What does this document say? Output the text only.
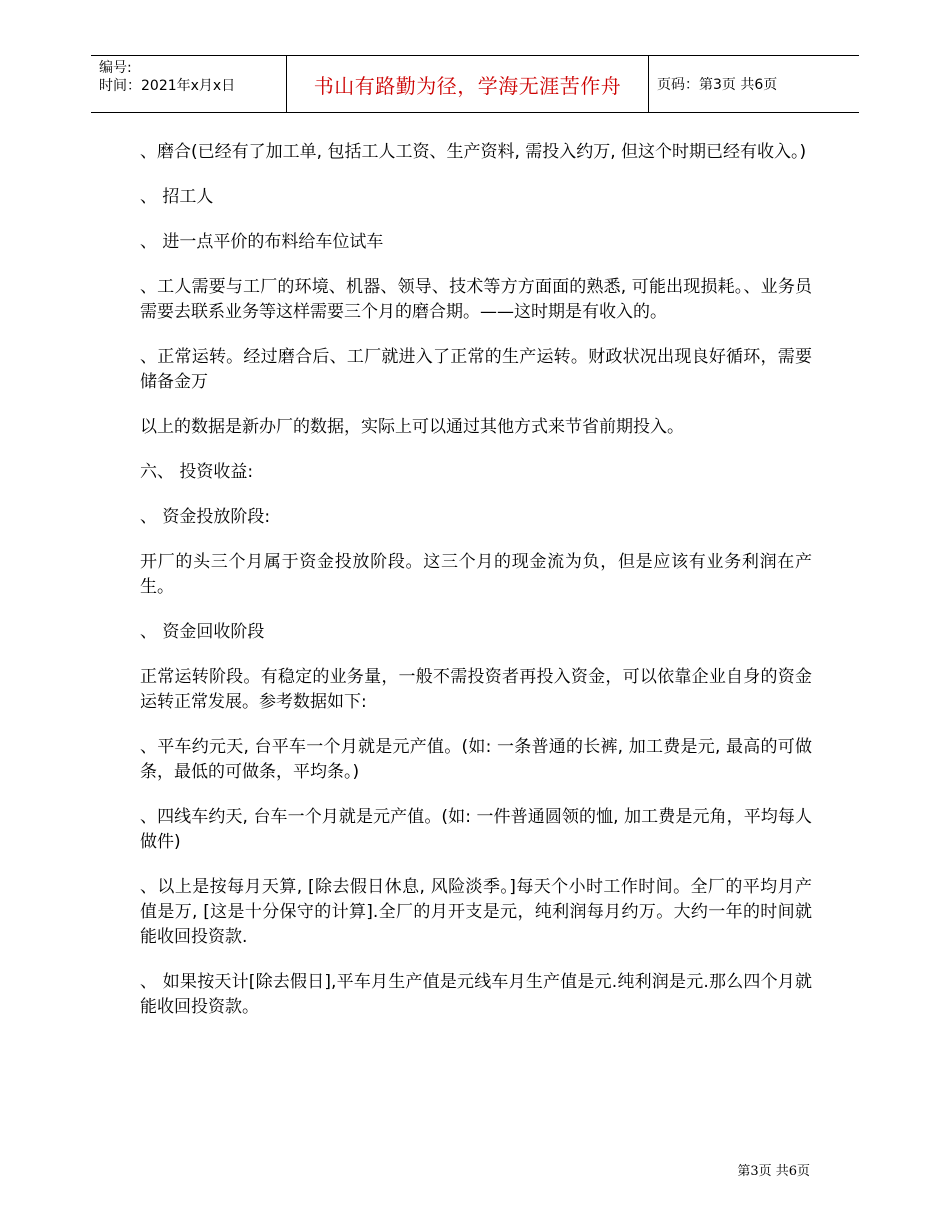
编号:
时间：2021年x月x日	书山有路勤为径，学海无涯苦作舟	页码：第3页 共6页

、磨合(已经有了加工单, 包括工人工资、生产资料, 需投入约万, 但这个时期已经有收入。)

、 招工人

、 进一点平价的布料给车位试车

、工人需要与工厂的环境、机器、领导、技术等方方面面的熟悉, 可能出现损耗。、业务员需要去联系业务等这样需要三个月的磨合期。——这时期是有收入的。

、正常运转。经过磨合后、工厂就进入了正常的生产运转。财政状况出现良好循环，需要储备金万

以上的数据是新办厂的数据，实际上可以通过其他方式来节省前期投入。

六、 投资收益:

、 资金投放阶段:

开厂的头三个月属于资金投放阶段。这三个月的现金流为负，但是应该有业务利润在产生。

、 资金回收阶段

正常运转阶段。有稳定的业务量，一般不需投资者再投入资金，可以依靠企业自身的资金运转正常发展。参考数据如下:

、平车约元天, 台平车一个月就是元产值。(如: 一条普通的长裤, 加工费是元, 最高的可做条，最低的可做条，平均条。)

、四线车约天, 台车一个月就是元产值。(如: 一件普通圆领的恤, 加工费是元角，平均每人做件)

、以上是按每月天算, [除去假日休息, 风险淡季。]每天个小时工作时间。全厂的平均月产值是万, [这是十分保守的计算].全厂的月开支是元，纯利润每月约万。大约一年的时间就能收回投资款.

、 如果按天计[除去假日],平车月生产值是元线车月生产值是元.纯利润是元.那么四个月就能收回投资款。

第3页 共6页
